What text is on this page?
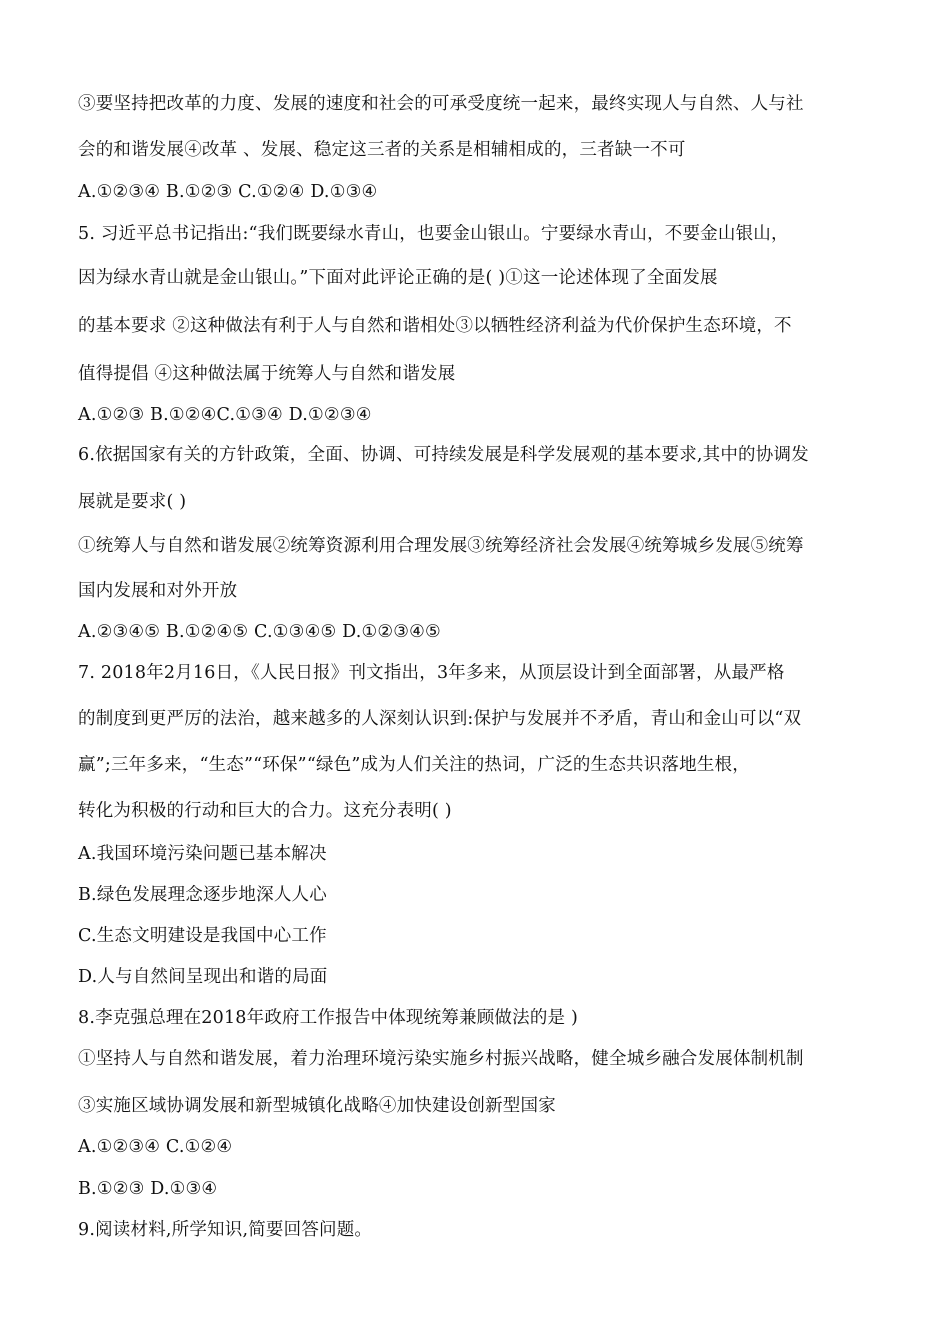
③要坚持把改革的力度、发展的速度和社会的可承受度统一起来，最终实现人与自然、人与社
会的和谐发展④改革 、发展、稳定这三者的关系是相辅相成的，三者缺一不可
A.①②③④ B.①②③ C.①②④ D.①③④
5. 习近平总书记指出:“我们既要绿水青山，也要金山银山。宁要绿水青山，不要金山银山，
因为绿水青山就是金山银山。”下面对此评论正确的是( )①这一论述体现了全面发展
的基本要求 ②这种做法有利于人与自然和谐相处③以牺牲经济利益为代价保护生态环境，不
值得提倡 ④这种做法属于统筹人与自然和谐发展
A.①②③ B.①②④C.①③④ D.①②③④
6.依据国家有关的方针政策，全面、协调、可持续发展是科学发展观的基本要求,其中的协调发
展就是要求( )
①统筹人与自然和谐发展②统筹资源利用合理发展③统筹经济社会发展④统筹城乡发展⑤统筹
国内发展和对外开放
A.②③④⑤ B.①②④⑤ C.①③④⑤ D.①②③④⑤
7. 2018年2月16日，《人民日报》刊文指出，3年多来，从顶层设计到全面部署，从最严格
的制度到更严厉的法治，越来越多的人深刻认识到:保护与发展并不矛盾，青山和金山可以“双
赢”;三年多来，“生态”“环保”“绿色”成为人们关注的热词，广泛的生态共识落地生根，
转化为积极的行动和巨大的合力。这充分表明( )
A.我国环境污染问题已基本解决
B.绿色发展理念逐步地深人人心
C.生态文明建设是我国中心工作
D.人与自然间呈现出和谐的局面
8.李克强总理在2018年政府工作报告中体现统筹兼顾做法的是 )
①坚持人与自然和谐发展，着力治理环境污染实施乡村振兴战略，健全城乡融合发展体制机制
③实施区域协调发展和新型城镇化战略④加快建设创新型国家
A.①②③④ C.①②④
B.①②③ D.①③④
9.阅读材料,所学知识,简要回答问题。
